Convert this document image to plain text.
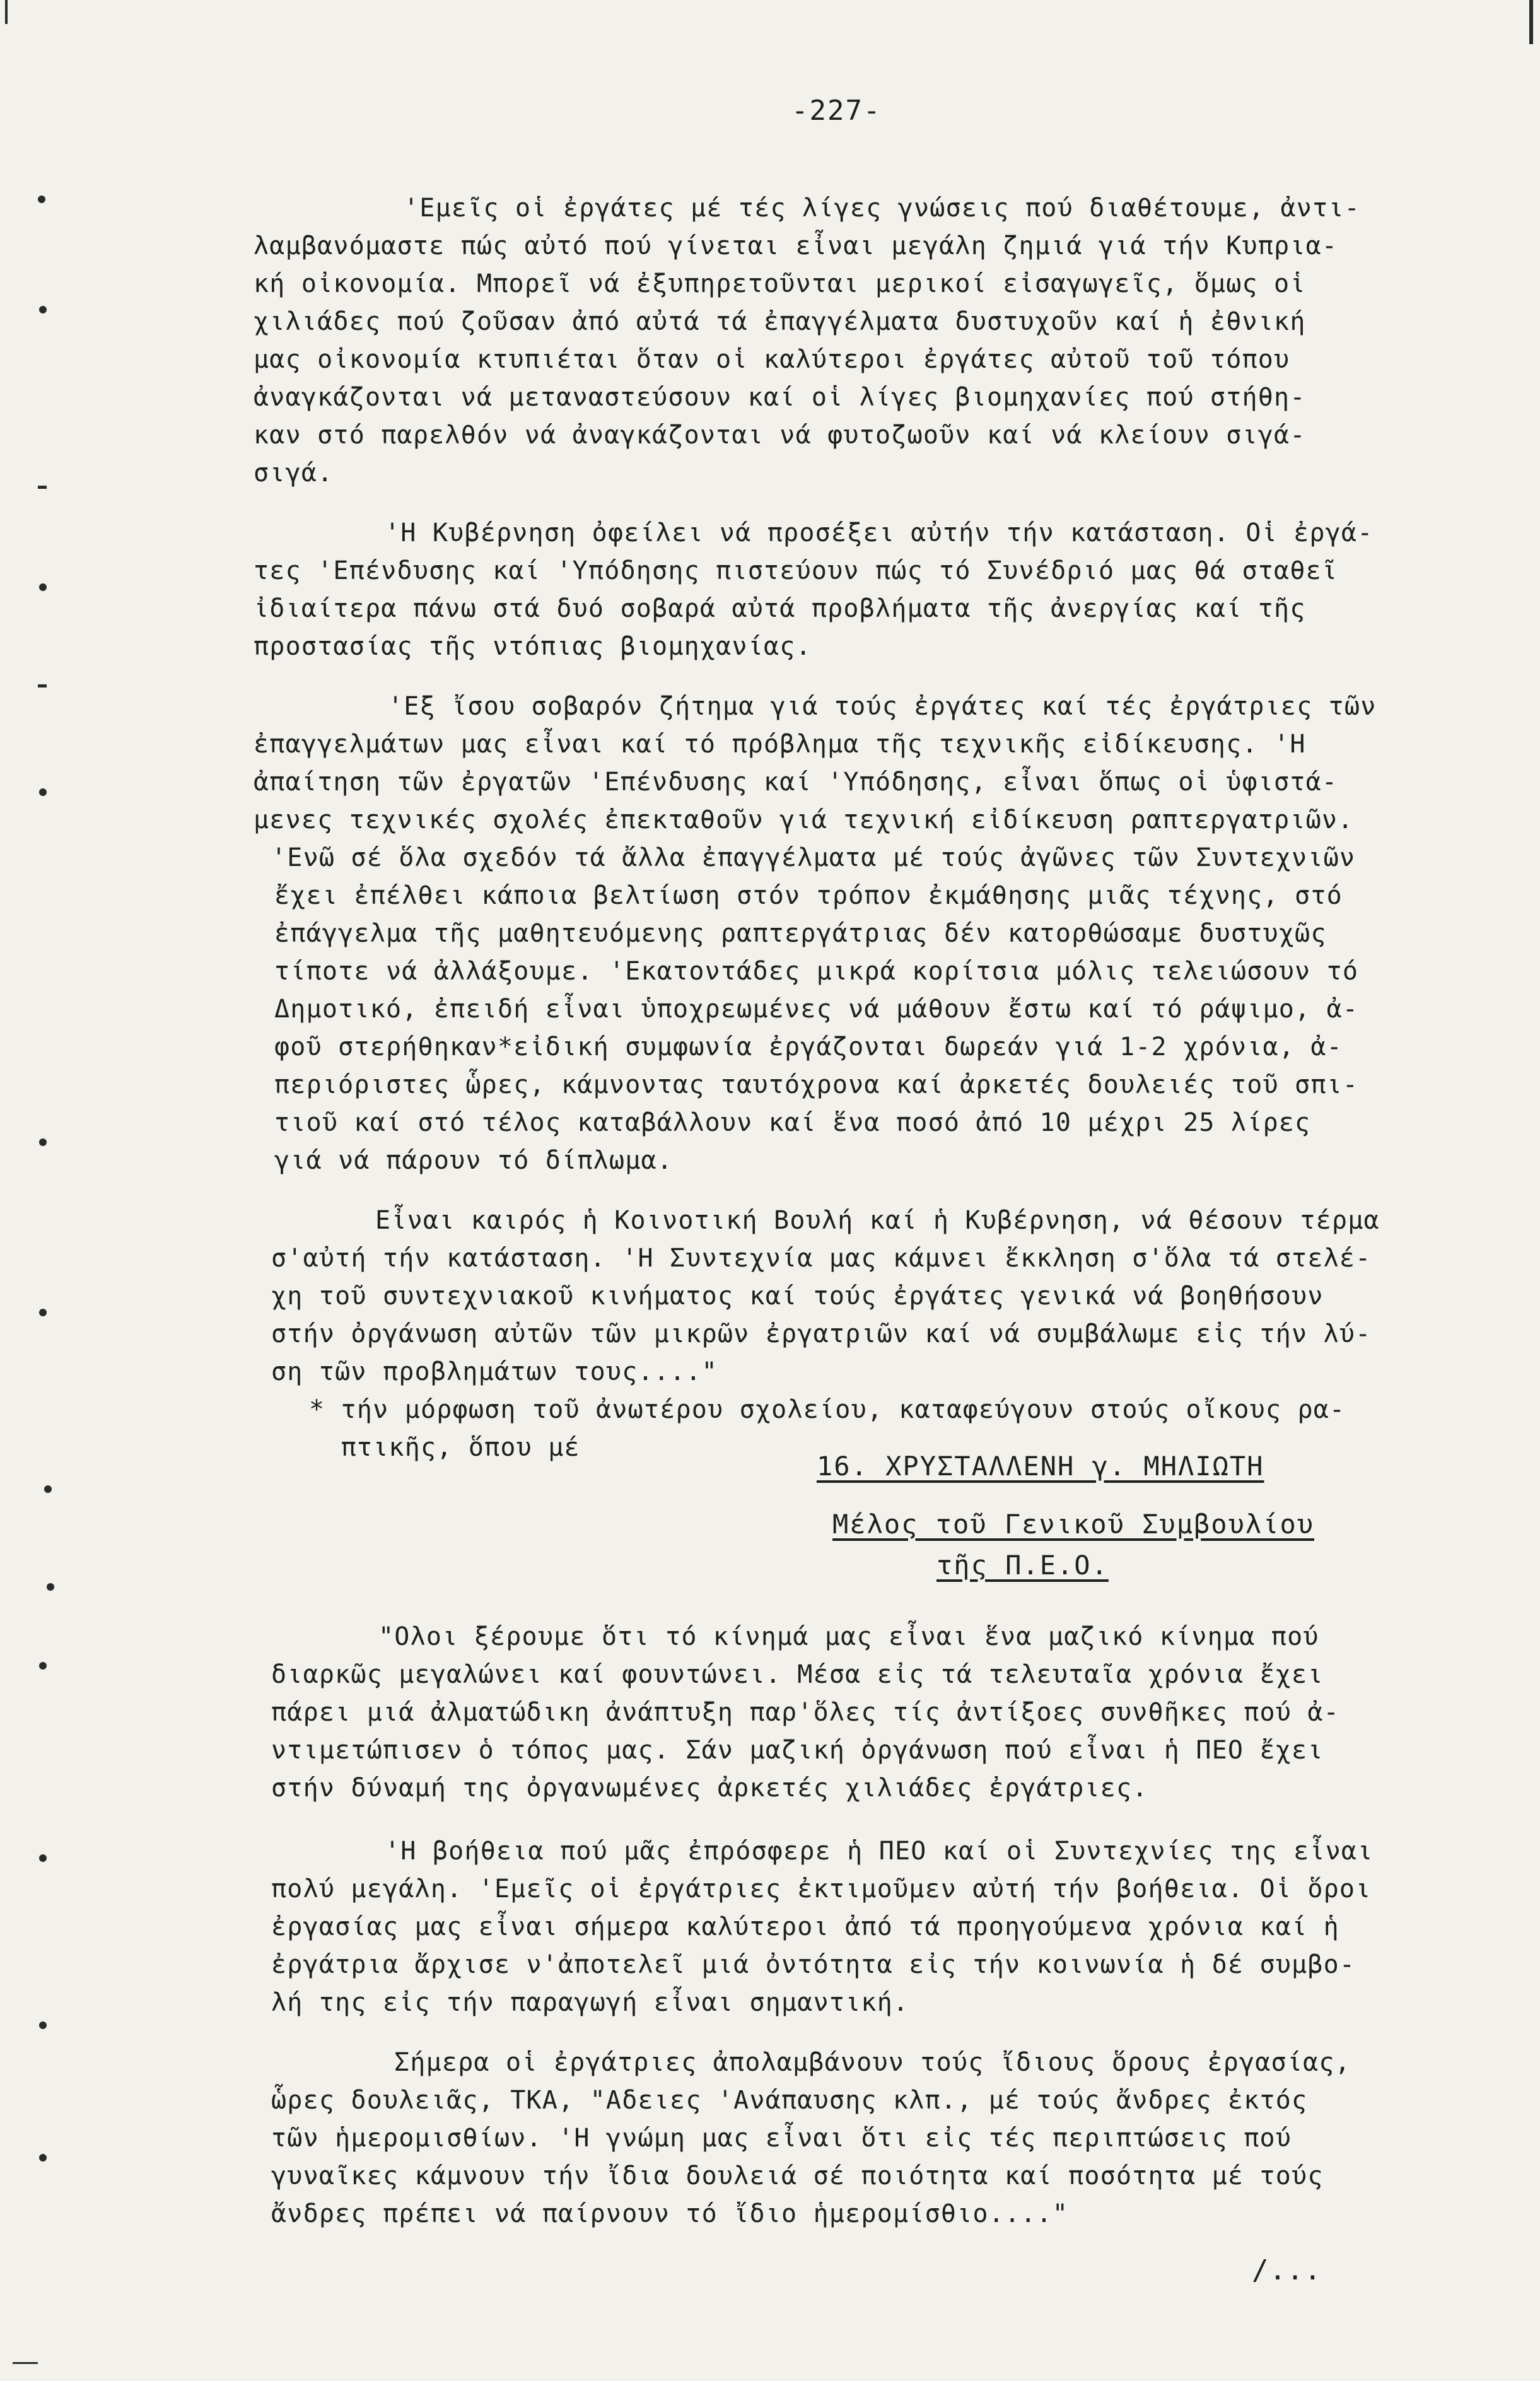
-227-
'Εμεῖς οἱ ἐργάτες μέ τές λίγες γνώσεις πού διαθέτουμε, ἀντι-
λαμβανόμαστε πώς αὐτό πού γίνεται εἶναι μεγάλη ζημιά γιά τήν Κυπρια-
κή οἰκονομία. Μπορεῖ νά ἐξυπηρετοῦνται μερικοί εἰσαγωγεῖς, ὅμως οἱ
χιλιάδες πού ζοῦσαν ἀπό αὐτά τά ἐπαγγέλματα δυστυχοῦν καί ἡ ἐθνική
μας οἰκονομία κτυπιέται ὅταν οἱ καλύτεροι ἐργάτες αὐτοῦ τοῦ τόπου
ἀναγκάζονται νά μεταναστεύσουν καί οἱ λίγες βιομηχανίες πού στήθη-
καν στό παρελθόν νά ἀναγκάζονται νά φυτοζωοῦν καί νά κλείουν σιγά-
σιγά.
'Η Κυβέρνηση ὀφείλει νά προσέξει αὐτήν τήν κατάσταση. Οἱ ἐργά-
τες 'Επένδυσης καί 'Υπόδησης πιστεύουν πώς τό Συνέδριό μας θά σταθεῖ
ἰδιαίτερα πάνω στά δυό σοβαρά αὐτά προβλήματα τῆς ἀνεργίας καί τῆς
προστασίας τῆς ντόπιας βιομηχανίας.
'Εξ ἴσου σοβαρόν ζήτημα γιά τούς ἐργάτες καί τές ἐργάτριες τῶν
ἐπαγγελμάτων μας εἶναι καί τό πρόβλημα τῆς τεχνικῆς εἰδίκευσης. 'Η
ἀπαίτηση τῶν ἐργατῶν 'Επένδυσης καί 'Υπόδησης, εἶναι ὅπως οἱ ὑφιστά-
μενες τεχνικές σχολές ἐπεκταθοῦν γιά τεχνική εἰδίκευση ραπτεργατριῶν.
'Ενῶ σέ ὅλα σχεδόν τά ἄλλα ἐπαγγέλματα μέ τούς ἀγῶνες τῶν Συντεχνιῶν
ἔχει ἐπέλθει κάποια βελτίωση στόν τρόπον ἐκμάθησης μιᾶς τέχνης, στό
ἐπάγγελμα τῆς μαθητευόμενης ραπτεργάτριας δέν κατορθώσαμε δυστυχῶς
τίποτε νά ἀλλάξουμε. 'Εκατοντάδες μικρά κορίτσια μόλις τελειώσουν τό
Δημοτικό, ἐπειδή εἶναι ὑποχρεωμένες νά μάθουν ἔστω καί τό ράψιμο, ἀ-
φοῦ στερήθηκαν*εἰδική συμφωνία ἐργάζονται δωρεάν γιά 1-2 χρόνια, ἀ-
περιόριστες ὧρες, κάμνοντας ταυτόχρονα καί ἀρκετές δουλειές τοῦ σπι-
τιοῦ καί στό τέλος καταβάλλουν καί ἕνα ποσό ἀπό 10 μέχρι 25 λίρες
γιά νά πάρουν τό δίπλωμα.
Εἶναι καιρός ἡ Κοινοτική Βουλή καί ἡ Κυβέρνηση, νά θέσουν τέρμα
σ'αὐτή τήν κατάσταση. 'Η Συντεχνία μας κάμνει ἔκκληση σ'ὅλα τά στελέ-
χη τοῦ συντεχνιακοῦ κινήματος καί τούς ἐργάτες γενικά νά βοηθήσουν
στήν ὀργάνωση αὐτῶν τῶν μικρῶν ἐργατριῶν καί νά συμβάλωμε εἰς τήν λύ-
ση τῶν προβλημάτων τους...."
* τήν μόρφωση τοῦ ἀνωτέρου σχολείου, καταφεύγουν στούς οἴκους ρα-
πτικῆς, ὅπου μέ
16. ΧΡΥΣΤΑΛΛΕΝΗ γ. ΜΗΛΙΩΤΗ
Μέλος τοῦ Γενικοῦ Συμβουλίου
τῆς Π.Ε.Ο.
"Ολοι ξέρουμε ὅτι τό κίνημά μας εἶναι ἕνα μαζικό κίνημα πού
διαρκῶς μεγαλώνει καί φουντώνει. Μέσα εἰς τά τελευταῖα χρόνια ἔχει
πάρει μιά ἀλματώδικη ἀνάπτυξη παρ'ὅλες τίς ἀντίξοες συνθῆκες πού ἀ-
ντιμετώπισεν ὁ τόπος μας. Σάν μαζική ὀργάνωση πού εἶναι ἡ ΠΕΟ ἔχει
στήν δύναμή της ὀργανωμένες ἀρκετές χιλιάδες ἐργάτριες.
'Η βοήθεια πού μᾶς ἐπρόσφερε ἡ ΠΕΟ καί οἱ Συντεχνίες της εἶναι
πολύ μεγάλη. 'Εμεῖς οἱ ἐργάτριες ἐκτιμοῦμεν αὐτή τήν βοήθεια. Οἱ ὅροι
ἐργασίας μας εἶναι σήμερα καλύτεροι ἀπό τά προηγούμενα χρόνια καί ἡ
ἐργάτρια ἄρχισε ν'ἀποτελεῖ μιά ὀντότητα εἰς τήν κοινωνία ἡ δέ συμβο-
λή της εἰς τήν παραγωγή εἶναι σημαντική.
Σήμερα οἱ ἐργάτριες ἀπολαμβάνουν τούς ἴδιους ὅρους ἐργασίας,
ὧρες δουλειᾶς, ΤΚΑ, "Αδειες 'Ανάπαυσης κλπ., μέ τούς ἄνδρες ἐκτός
τῶν ἡμερομισθίων. 'Η γνώμη μας εἶναι ὅτι εἰς τές περιπτώσεις πού
γυναῖκες κάμνουν τήν ἴδια δουλειά σέ ποιότητα καί ποσότητα μέ τούς
ἄνδρες πρέπει νά παίρνουν τό ἴδιο ἡμερομίσθιο...."
/...
